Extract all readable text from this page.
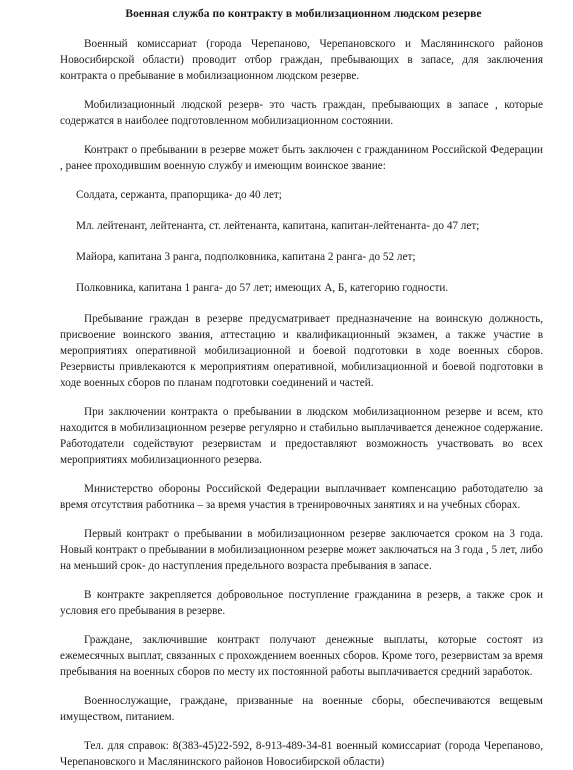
Военная служба по контракту в мобилизационном людском резерве

Военный комиссариат (города Черепаново, Черепановского и Маслянинского районов Новосибирской области) проводит отбор граждан, пребывающих в запасе, для заключения контракта о пребывание в мобилизационном людском резерве.

Мобилизационный людской резерв- это часть граждан, пребывающих в запасе , которые содержатся в наиболее подготовленном мобилизационном состоянии.

Контракт о пребывании в резерве может быть заключен с гражданином Российской Федерации , ранее проходившим военную службу и имеющим воинское звание:

Солдата, сержанта, прапорщика- до 40 лет;
Мл. лейтенант, лейтенанта, ст. лейтенанта, капитана, капитан-лейтенанта- до 47 лет;
Майора, капитана 3 ранга, подполковника, капитана 2 ранга- до 52 лет;
Полковника, капитана 1 ранга- до 57 лет; имеющих А, Б, категорию годности.

Пребывание граждан в резерве предусматривает предназначение на воинскую должность, присвоение воинского звания, аттестацию и квалификационный экзамен, а также участие в мероприятиях оперативной мобилизационной и боевой подготовки в ходе военных сборов. Резервисты привлекаются к мероприятиям оперативной, мобилизационной и боевой подготовки в ходе военных сборов по планам подготовки соединений и частей.

При заключении контракта о пребывании в людском мобилизационном резерве и всем, кто находится в мобилизационном резерве регулярно и стабильно выплачивается денежное содержание. Работодатели содействуют резервистам и предоставляют возможность участвовать во всех мероприятиях мобилизационного резерва.

Министерство обороны Российской Федерации выплачивает компенсацию работодателю за время отсутствия работника – за время участия в тренировочных занятиях и на учебных сборах.

Первый контракт о пребывании в мобилизационном резерве заключается сроком на 3 года. Новый контракт о пребывании в мобилизационном резерве может заключаться на 3 года , 5 лет, либо на меньший срок- до наступления предельного возраста пребывания в запасе.

В контракте закрепляется добровольное поступление гражданина в резерв, а также срок и условия его пребывания в резерве.

Граждане, заключившие контракт получают денежные выплаты, которые состоят из ежемесячных выплат, связанных с прохождением военных сборов. Кроме того, резервистам за время пребывания на военных сборов по месту их постоянной работы выплачивается средний заработок.

Военнослужащие, граждане, призванные на военные сборы, обеспечиваются вещевым имуществом, питанием.

Тел. для справок: 8(383-45)22-592, 8-913-489-34-81 военный комиссариат (города Черепаново, Черепановского и Маслянинского районов Новосибирской области)
